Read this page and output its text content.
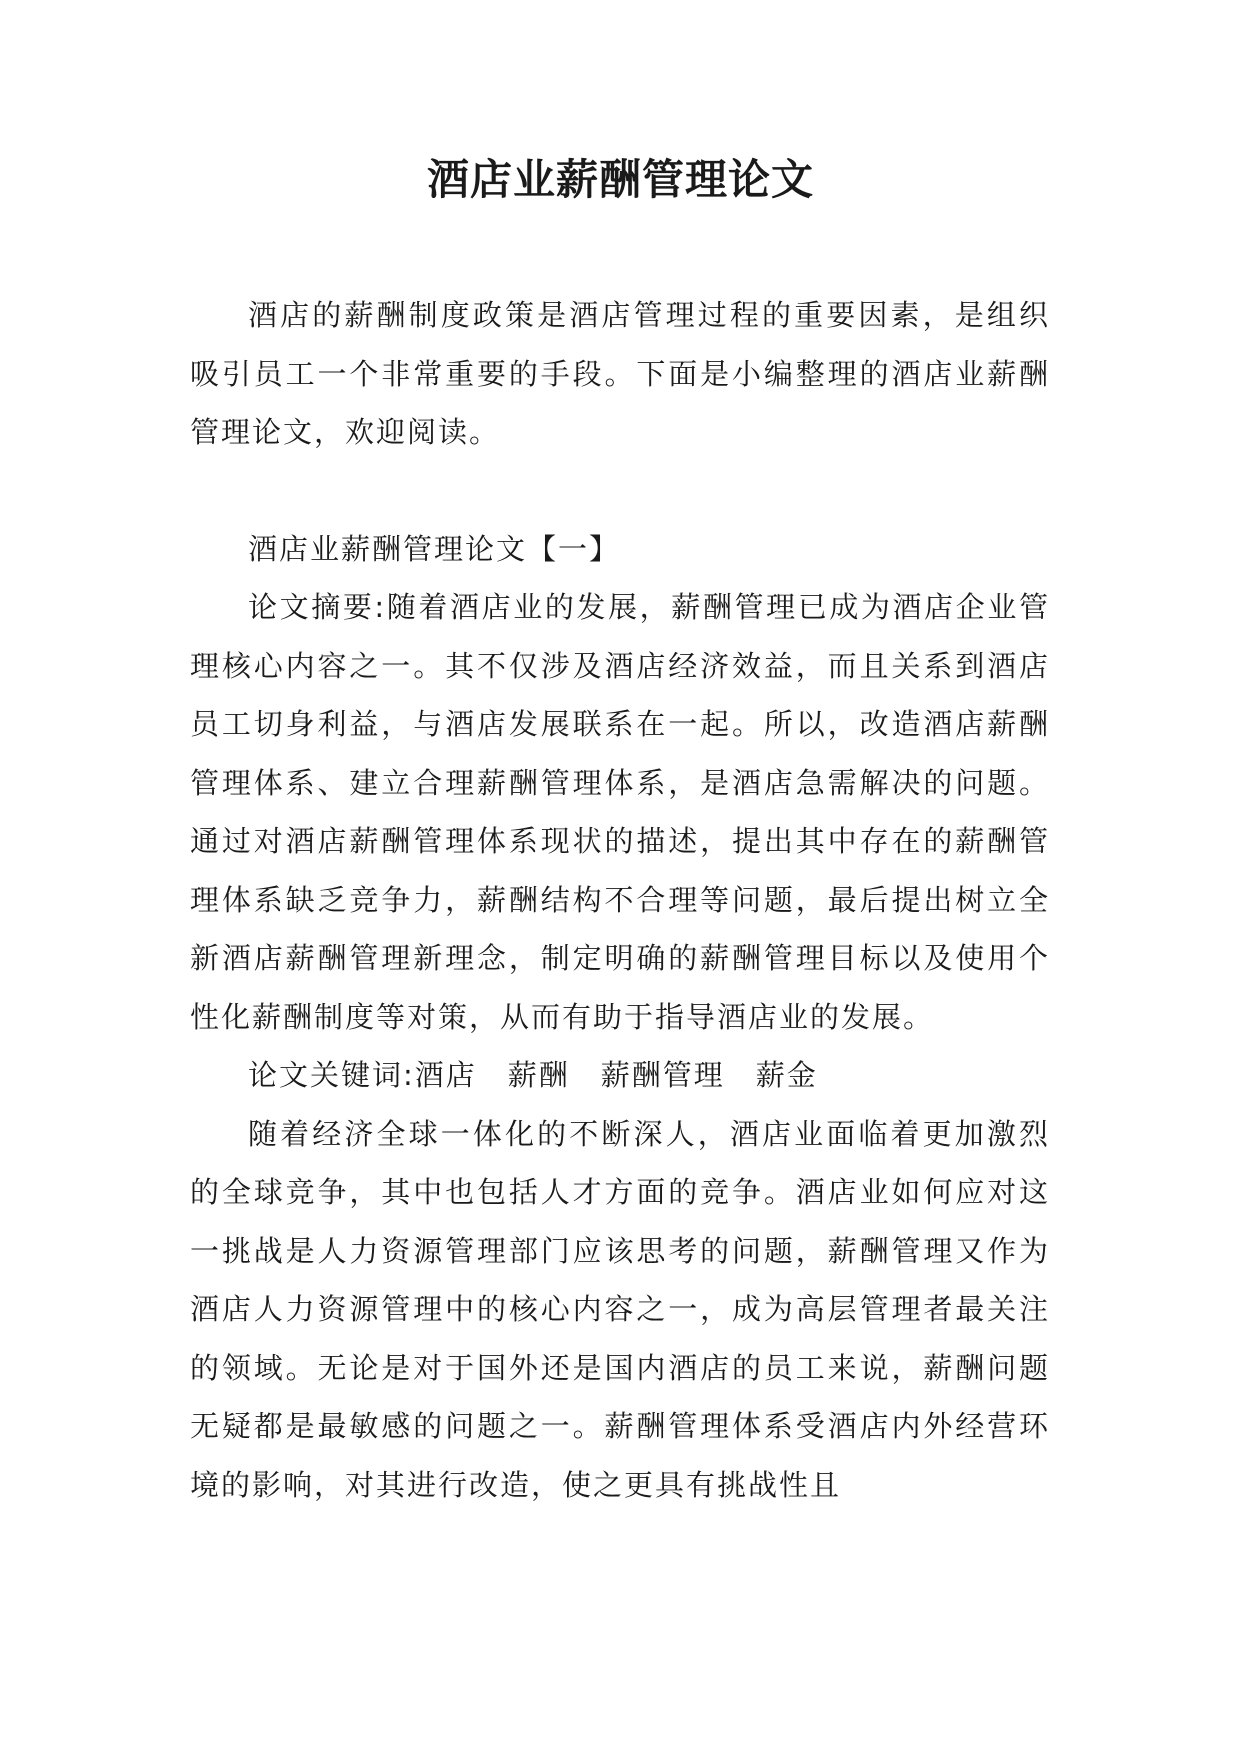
酒店业薪酬管理论文

酒店的薪酬制度政策是酒店管理过程的重要因素，是组织吸引员工一个非常重要的手段。下面是小编整理的酒店业薪酬管理论文，欢迎阅读。

酒店业薪酬管理论文【一】

论文摘要:随着酒店业的发展，薪酬管理已成为酒店企业管理核心内容之一。其不仅涉及酒店经济效益，而且关系到酒店员工切身利益，与酒店发展联系在一起。所以，改造酒店薪酬管理体系、建立合理薪酬管理体系，是酒店急需解决的问题。通过对酒店薪酬管理体系现状的描述，提出其中存在的薪酬管理体系缺乏竞争力，薪酬结构不合理等问题，最后提出树立全新酒店薪酬管理新理念，制定明确的薪酬管理目标以及使用个性化薪酬制度等对策，从而有助于指导酒店业的发展。

论文关键词:酒店　薪酬　薪酬管理　薪金

随着经济全球一体化的不断深人，酒店业面临着更加激烈的全球竞争，其中也包括人才方面的竞争。酒店业如何应对这一挑战是人力资源管理部门应该思考的问题，薪酬管理又作为酒店人力资源管理中的核心内容之一，成为高层管理者最关注的领域。无论是对于国外还是国内酒店的员工来说，薪酬问题无疑都是最敏感的问题之一。薪酬管理体系受酒店内外经营环境的影响，对其进行改造，使之更具有挑战性且
